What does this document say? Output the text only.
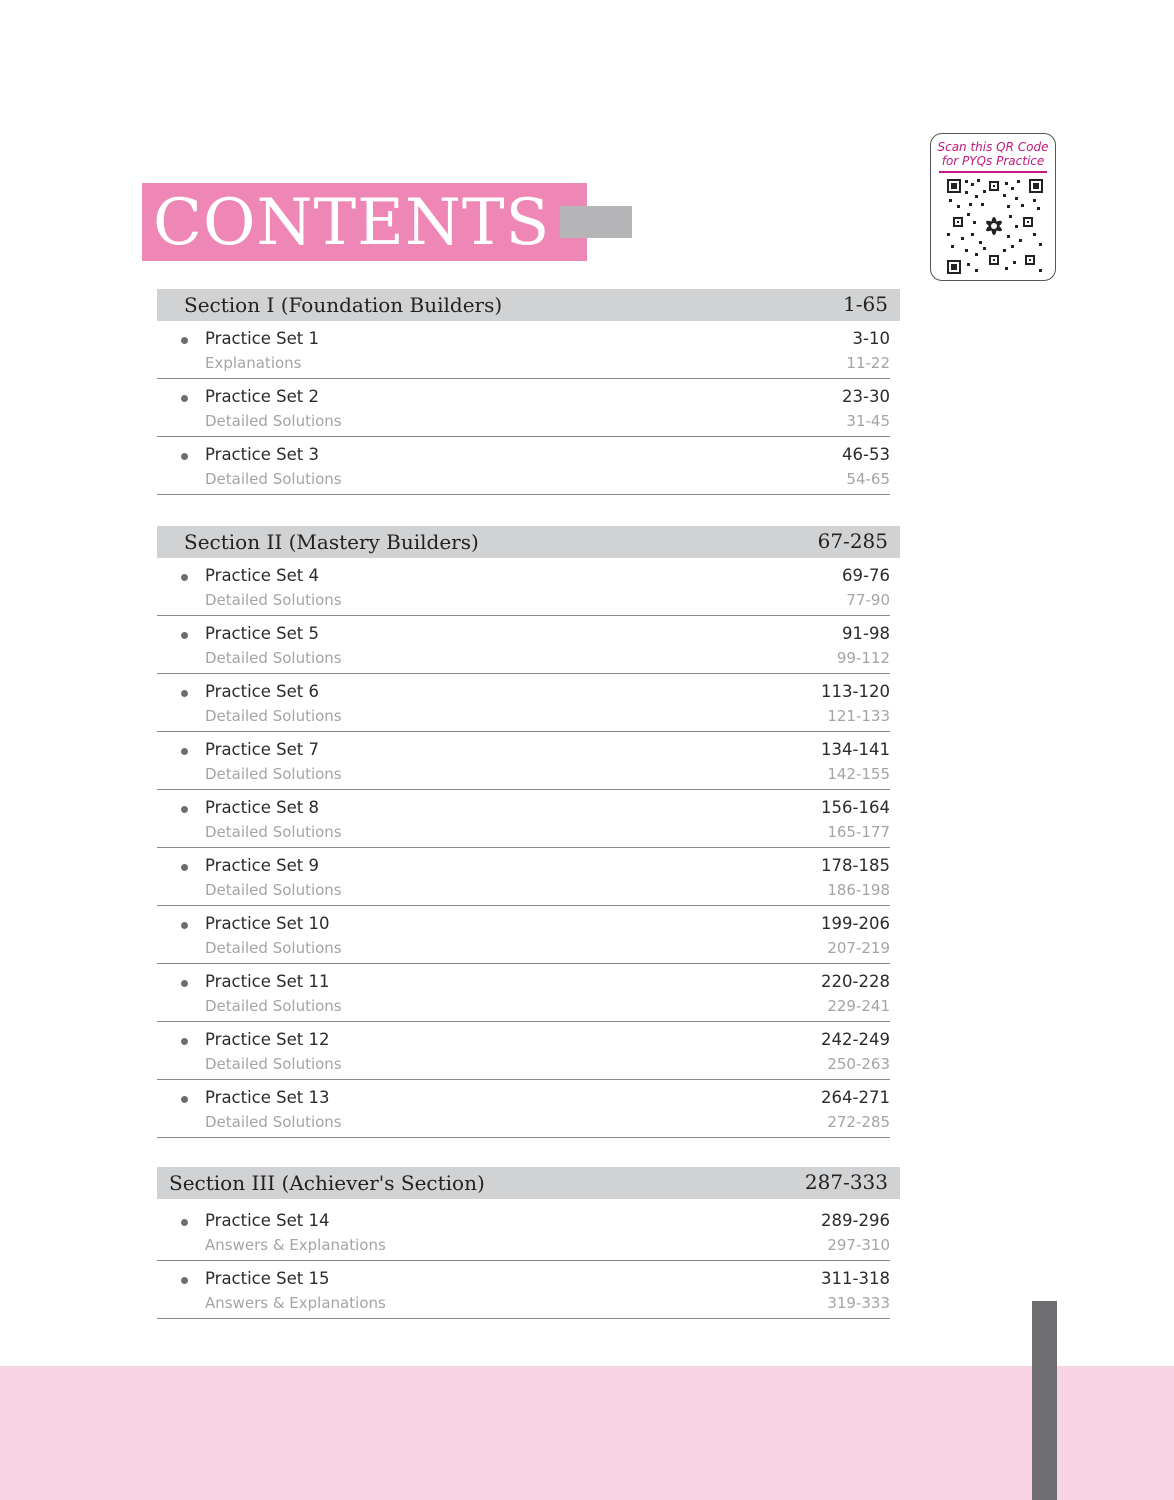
CONTENTS
Scan this QR Code
for PYQs Practice
Section I (Foundation Builders)	1-65
Practice Set 1	3-10
Explanations	11-22
Practice Set 2	23-30
Detailed Solutions	31-45
Practice Set 3	46-53
Detailed Solutions	54-65
Section II (Mastery Builders)	67-285
Practice Set 4	69-76
Detailed Solutions	77-90
Practice Set 5	91-98
Detailed Solutions	99-112
Practice Set 6	113-120
Detailed Solutions	121-133
Practice Set 7	134-141
Detailed Solutions	142-155
Practice Set 8	156-164
Detailed Solutions	165-177
Practice Set 9	178-185
Detailed Solutions	186-198
Practice Set 10	199-206
Detailed Solutions	207-219
Practice Set 11	220-228
Detailed Solutions	229-241
Practice Set 12	242-249
Detailed Solutions	250-263
Practice Set 13	264-271
Detailed Solutions	272-285
Section III (Achiever's Section)	287-333
Practice Set 14	289-296
Answers & Explanations	297-310
Practice Set 15	311-318
Answers & Explanations	319-333
